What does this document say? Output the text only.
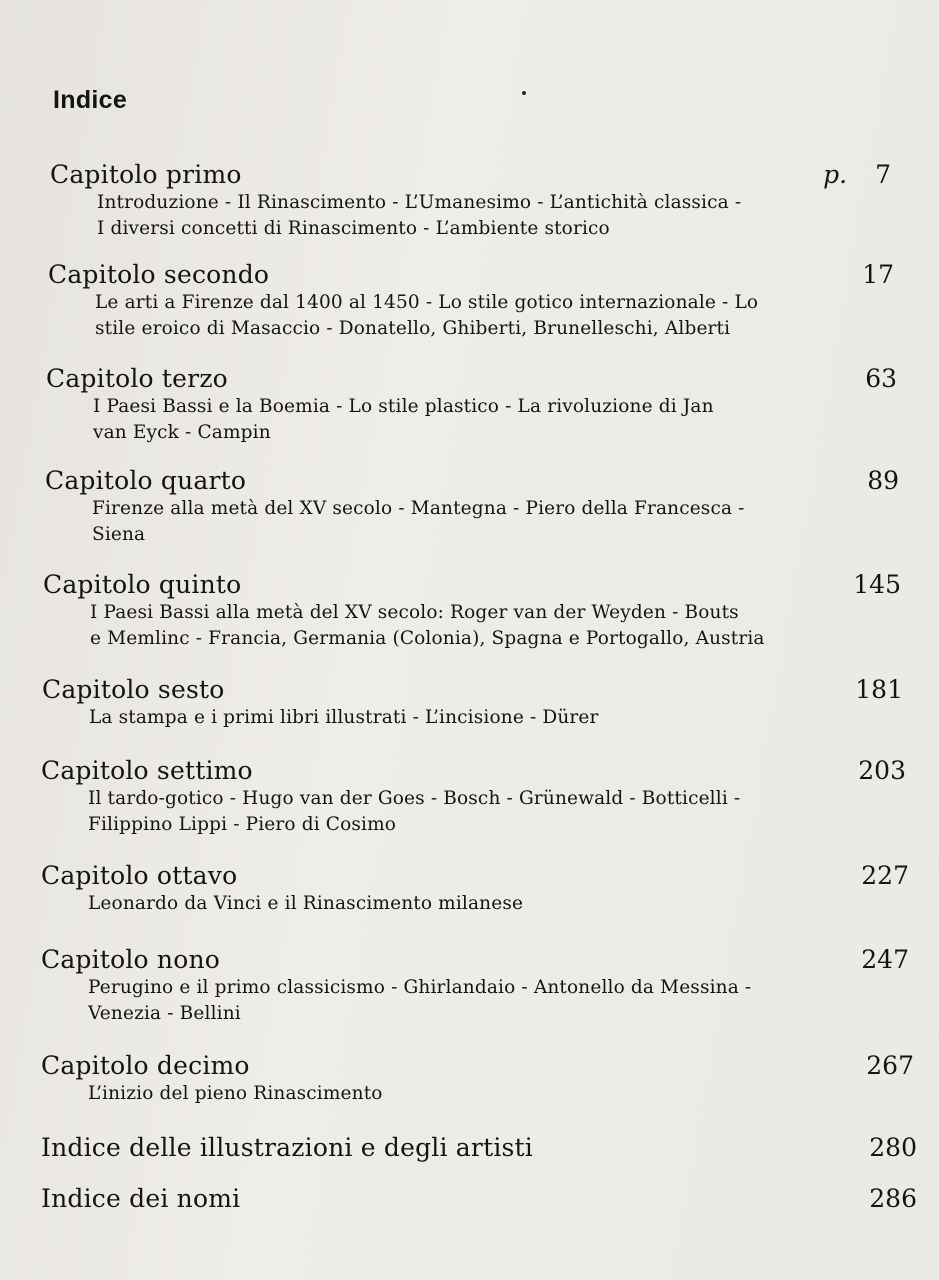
Indice
Capitolo primo	p. 7
Introduzione - Il Rinascimento - L’Umanesimo - L’antichità classica -
I diversi concetti di Rinascimento - L’ambiente storico
Capitolo secondo	17
Le arti a Firenze dal 1400 al 1450 - Lo stile gotico internazionale - Lo
stile eroico di Masaccio - Donatello, Ghiberti, Brunelleschi, Alberti
Capitolo terzo	63
I Paesi Bassi e la Boemia - Lo stile plastico - La rivoluzione di Jan
van Eyck - Campin
Capitolo quarto	89
Firenze alla metà del XV secolo - Mantegna - Piero della Francesca -
Siena
Capitolo quinto	145
I Paesi Bassi alla metà del XV secolo: Roger van der Weyden - Bouts
e Memlinc - Francia, Germania (Colonia), Spagna e Portogallo, Austria
Capitolo sesto	181
La stampa e i primi libri illustrati - L’incisione - Dürer
Capitolo settimo	203
Il tardo-gotico - Hugo van der Goes - Bosch - Grünewald - Botticelli -
Filippino Lippi - Piero di Cosimo
Capitolo ottavo	227
Leonardo da Vinci e il Rinascimento milanese
Capitolo nono	247
Perugino e il primo classicismo - Ghirlandaio - Antonello da Messina -
Venezia - Bellini
Capitolo decimo	267
L’inizio del pieno Rinascimento
Indice delle illustrazioni e degli artisti	280
Indice dei nomi	286
